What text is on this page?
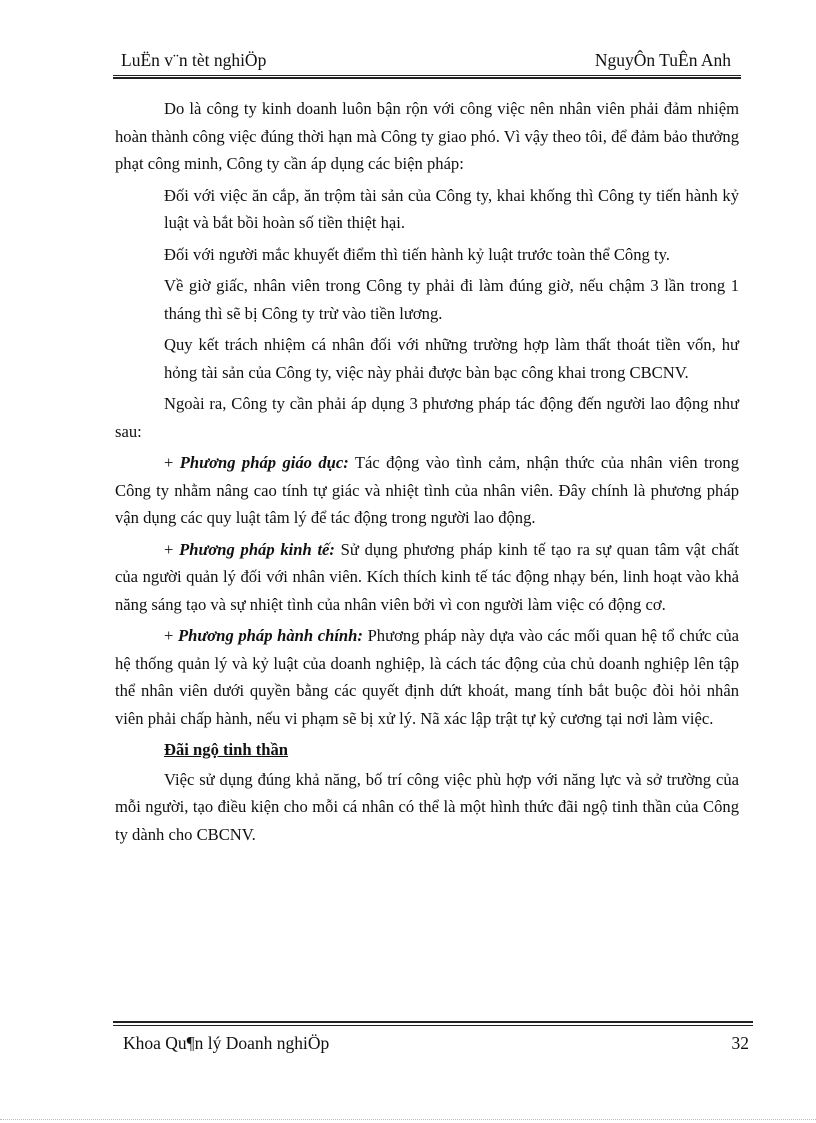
LuËn v¨n tèt nghiÖp	NguyÔn TuÊn Anh

Do là công ty kinh doanh luôn bận rộn với công việc nên nhân viên phải đảm nhiệm hoàn thành công việc đúng thời hạn mà Công ty giao phó. Vì vậy theo tôi, để đảm bảo thưởng phạt công minh, Công ty cần áp dụng các biện pháp:

Đối với việc ăn cắp, ăn trộm tài sản của Công ty, khai khống thì Công ty tiến hành kỷ luật và bắt bồi hoàn số tiền thiệt hại.

Đối với người mắc khuyết điểm thì tiến hành kỷ luật trước toàn thể Công ty.

Về giờ giấc, nhân viên trong Công ty phải đi làm đúng giờ, nếu chậm 3 lần trong 1 tháng thì sẽ bị Công ty trừ vào tiền lương.

Quy kết trách nhiệm cá nhân đối với những trường hợp làm thất thoát tiền vốn, hư hỏng tài sản của Công ty, việc này phải được bàn bạc công khai trong CBCNV.

Ngoài ra, Công ty cần phải áp dụng 3 phương pháp tác động đến người lao động như sau:

+ Phương pháp giáo dục: Tác động vào tình cảm, nhận thức của nhân viên trong Công ty nhằm nâng cao tính tự giác và nhiệt tình của nhân viên. Đây chính là phương pháp vận dụng các quy luật tâm lý để tác động trong người lao động.

+ Phương pháp kinh tế: Sử dụng phương pháp kinh tế tạo ra sự quan tâm vật chất của người quản lý đối với nhân viên. Kích thích kinh tế tác động nhạy bén, linh hoạt vào khả năng sáng tạo và sự nhiệt tình của nhân viên bởi vì con người làm việc có động cơ.

+ Phương pháp hành chính: Phương pháp này dựa vào các mối quan hệ tổ chức của hệ thống quản lý và kỷ luật của doanh nghiệp, là cách tác động của chủ doanh nghiệp lên tập thể nhân viên dưới quyền bằng các quyết định dứt khoát, mang tính bắt buộc đòi hỏi nhân viên phải chấp hành, nếu vi phạm sẽ bị xử lý. Nã xác lập trật tự kỷ cương tại nơi làm việc.

Đãi ngộ tinh thần

Việc sử dụng đúng khả năng, bố trí công việc phù hợp với năng lực và sở trường của mỗi người, tạo điều kiện cho mỗi cá nhân có thể là một hình thức đãi ngộ tinh thần của Công ty dành cho CBCNV.

Khoa Qu¶n lý Doanh nghiÖp	32
